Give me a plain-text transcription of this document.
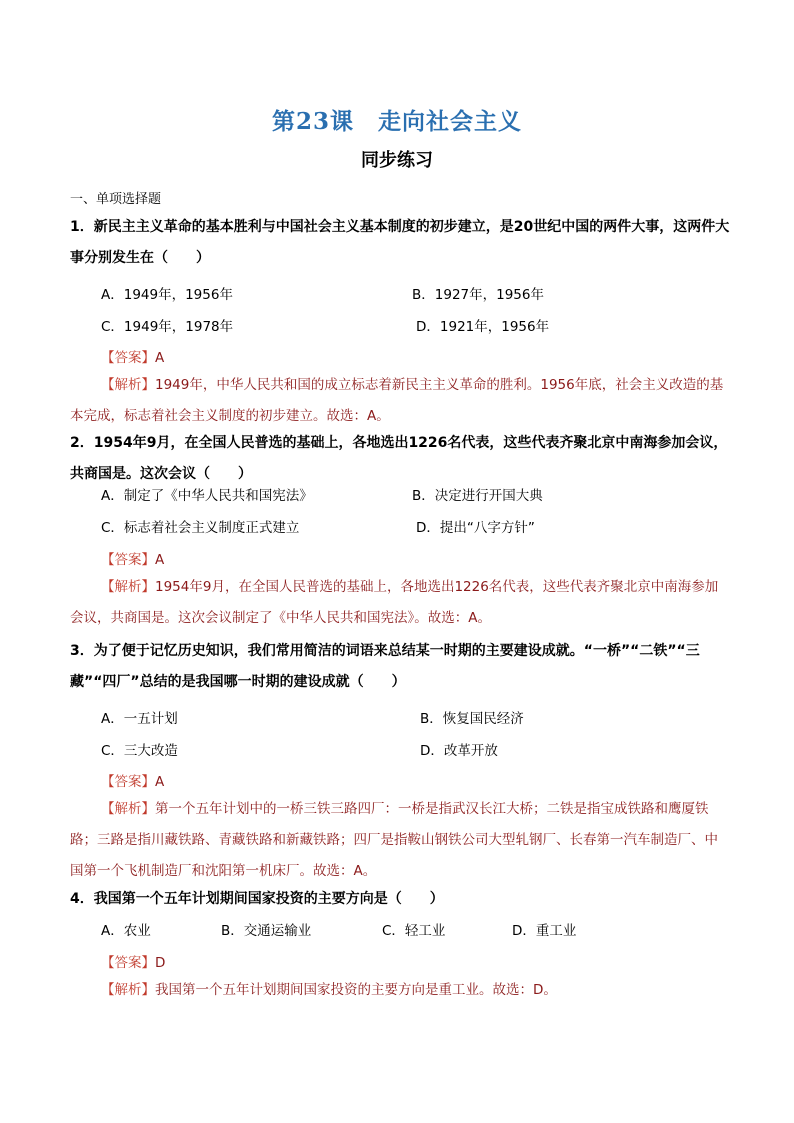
第23课　走向社会主义
同步练习
一、单项选择题
1．新民主主义革命的基本胜利与中国社会主义基本制度的初步建立，是20世纪中国的两件大事，这两件大事分别发生在（　　）
A．1949年，1956年	B．1927年，1956年
C．1949年，1978年	D．1921年，1956年
【答案】A
【解析】1949年，中华人民共和国的成立标志着新民主主义革命的胜利。1956年底，社会主义改造的基本完成，标志着社会主义制度的初步建立。故选：A。
2．1954年9月，在全国人民普选的基础上，各地选出1226名代表，这些代表齐聚北京中南海参加会议，共商国是。这次会议（　　）
A．制定了《中华人民共和国宪法》	B．决定进行开国大典
C．标志着社会主义制度正式建立	D．提出“八字方针”
【答案】A
【解析】1954年9月，在全国人民普选的基础上，各地选出1226名代表，这些代表齐聚北京中南海参加会议，共商国是。这次会议制定了《中华人民共和国宪法》。故选：A。
3．为了便于记忆历史知识，我们常用简洁的词语来总结某一时期的主要建设成就。“一桥”“二铁”“三藏”“四厂”总结的是我国哪一时期的建设成就（　　）
A．一五计划	B．恢复国民经济
C．三大改造	D．改革开放
【答案】A
【解析】第一个五年计划中的一桥三铁三路四厂：一桥是指武汉长江大桥；二铁是指宝成铁路和鹰厦铁路；三路是指川藏铁路、青藏铁路和新藏铁路；四厂是指鞍山钢铁公司大型轧钢厂、长春第一汽车制造厂、中国第一个飞机制造厂和沈阳第一机床厂。故选：A。
4．我国第一个五年计划期间国家投资的主要方向是（　　）
A．农业	B．交通运输业	C．轻工业	D．重工业
【答案】D
【解析】我国第一个五年计划期间国家投资的主要方向是重工业。故选：D。
